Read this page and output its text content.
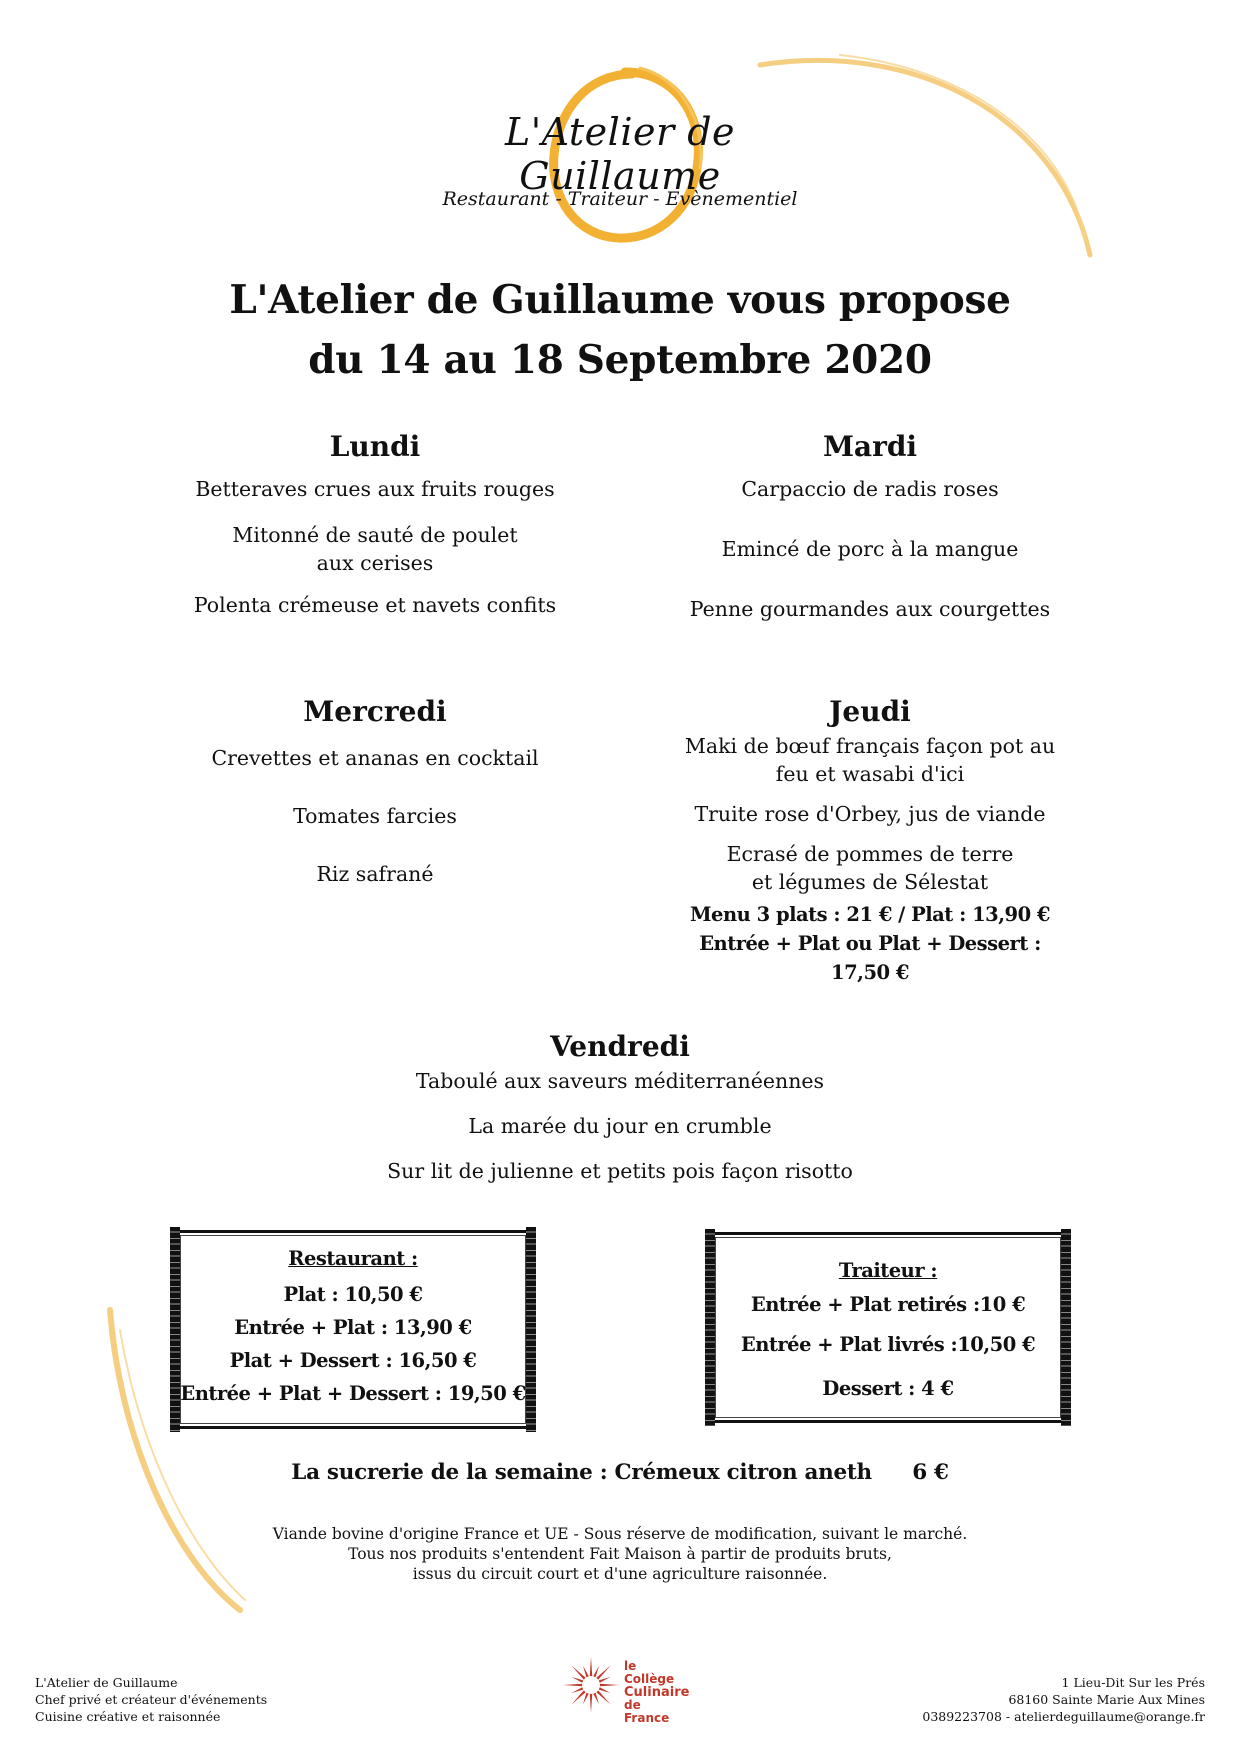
L'Atelier de Guillaume
Restaurant - Traiteur - Evènementiel
L'Atelier de Guillaume vous propose
du 14 au 18 Septembre 2020
Lundi
Betteraves crues aux fruits rouges
Mitonné de sauté de poulet
aux cerises
Polenta crémeuse et navets confits
Mardi
Carpaccio de radis roses
Emincé de porc à la mangue
Penne gourmandes aux courgettes
Mercredi
Crevettes et ananas en cocktail
Tomates farcies
Riz safrané
Jeudi
Maki de bœuf français façon pot au
feu et wasabi d'ici
Truite rose d'Orbey, jus de viande
Ecrasé de pommes de terre
et légumes de Sélestat
Menu 3 plats : 21 € / Plat : 13,90 €
Entrée + Plat ou Plat + Dessert : 17,50 €
Vendredi
Taboulé aux saveurs méditerranéennes
La marée du jour en crumble
Sur lit de julienne et petits pois façon risotto
Restaurant :
Plat : 10,50 €
Entrée + Plat : 13,90 €
Plat + Dessert : 16,50 €
Entrée + Plat + Dessert : 19,50 €
Traiteur :
Entrée + Plat retirés :10 €
Entrée + Plat livrés :10,50 €
Dessert : 4 €
La sucrerie de la semaine : Crémeux citron aneth 6 €
Viande bovine d'origine France et UE - Sous réserve de modification, suivant le marché.
Tous nos produits s'entendent Fait Maison à partir de produits bruts,
issus du circuit court et d'une agriculture raisonnée.
L'Atelier de Guillaume
Chef privé et créateur d'événements
Cuisine créative et raisonnée
le Collège
Culinaire
de France
1 Lieu-Dit Sur les Prés
68160 Sainte Marie Aux Mines
0389223708 - atelierdeguillaume@orange.fr
